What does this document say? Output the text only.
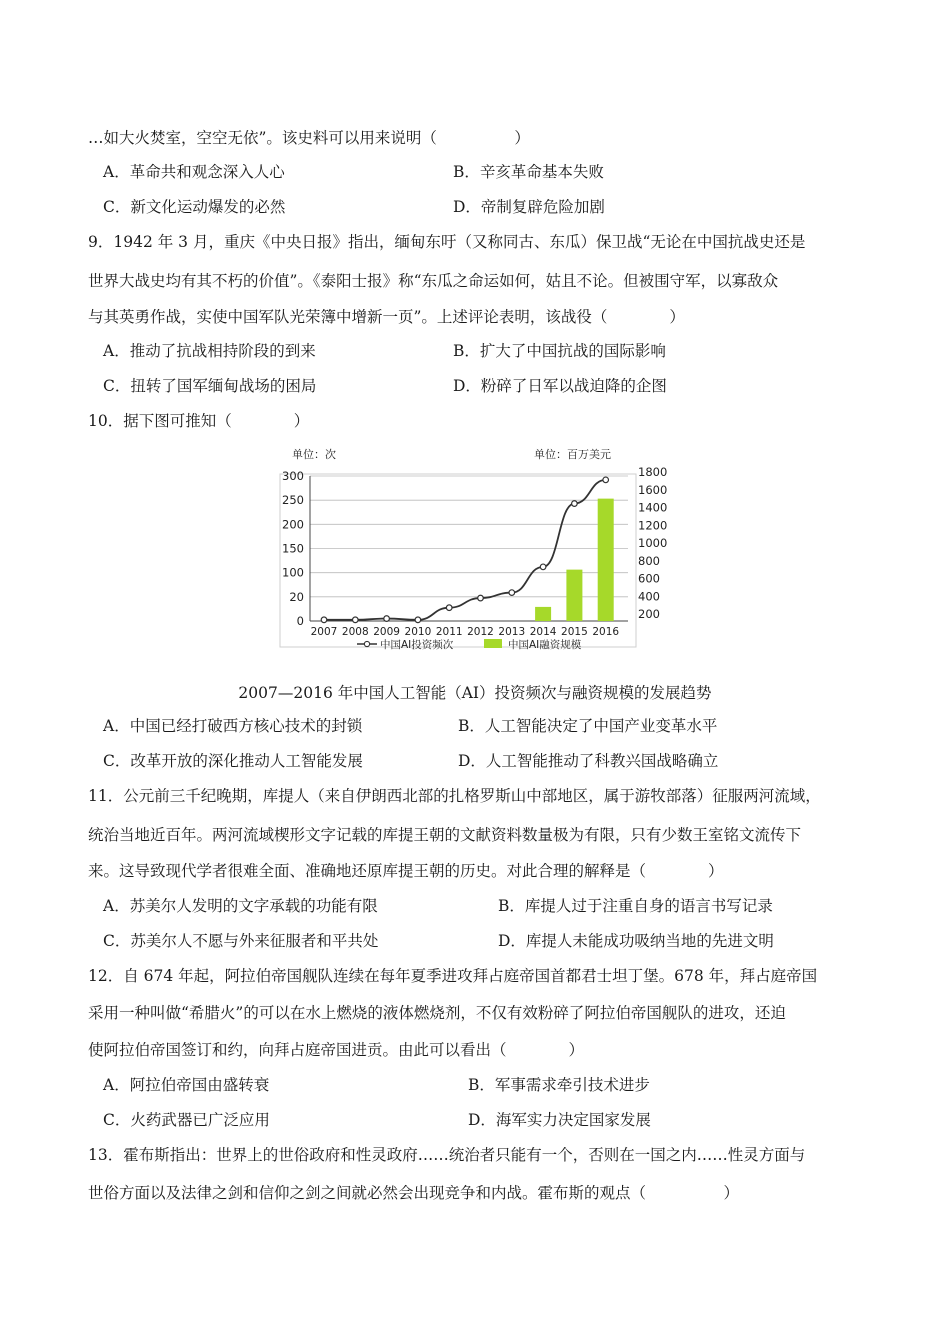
…如大火焚室，空空无依”。该史料可以用来说明（　　　　　）
A．革命共和观念深入人心	B．辛亥革命基本失败
C．新文化运动爆发的必然	D．帝制复辟危险加剧
9．1942 年 3 月，重庆《中央日报》指出，缅甸东吁（又称同古、东瓜）保卫战“无论在中国抗战史还是
世界大战史均有其不朽的价值”。《泰阳士报》称“东瓜之命运如何，姑且不论。但被围守军，以寡敌众
与其英勇作战，实使中国军队光荣簿中增新一页”。上述评论表明，该战役（　　　　）
A．推动了抗战相持阶段的到来	B．扩大了中国抗战的国际影响
C．扭转了国军缅甸战场的困局	D．粉碎了日军以战迫降的企图
10．据下图可推知（　　　　）
单位：次	单位：百万美元
300
250
200
150
100
20
0
1800
1600
1400
1200
1000
800
600
400
200
2007 2008 2009 2010 2011 2012 2013 2014 2015 2016
中国AI投资频次	中国AI融资规模
2007—2016 年中国人工智能（AI）投资频次与融资规模的发展趋势
A．中国已经打破西方核心技术的封锁	B．人工智能决定了中国产业变革水平
C．改革开放的深化推动人工智能发展	D．人工智能推动了科教兴国战略确立
11．公元前三千纪晚期，库提人（来自伊朗西北部的扎格罗斯山中部地区，属于游牧部落）征服两河流域，
统治当地近百年。两河流域楔形文字记载的库提王朝的文献资料数量极为有限，只有少数王室铭文流传下
来。这导致现代学者很难全面、准确地还原库提王朝的历史。对此合理的解释是（　　　　）
A．苏美尔人发明的文字承载的功能有限	B．库提人过于注重自身的语言书写记录
C．苏美尔人不愿与外来征服者和平共处	D．库提人未能成功吸纳当地的先进文明
12．自 674 年起，阿拉伯帝国舰队连续在每年夏季进攻拜占庭帝国首都君士坦丁堡。678 年，拜占庭帝国
采用一种叫做“希腊火”的可以在水上燃烧的液体燃烧剂，不仅有效粉碎了阿拉伯帝国舰队的进攻，还迫
使阿拉伯帝国签订和约，向拜占庭帝国进贡。由此可以看出（　　　　）
A．阿拉伯帝国由盛转衰	B．军事需求牵引技术进步
C．火药武器已广泛应用	D．海军实力决定国家发展
13．霍布斯指出：世界上的世俗政府和性灵政府……统治者只能有一个，否则在一国之内……性灵方面与
世俗方面以及法律之剑和信仰之剑之间就必然会出现竞争和内战。霍布斯的观点（　　　　　）
